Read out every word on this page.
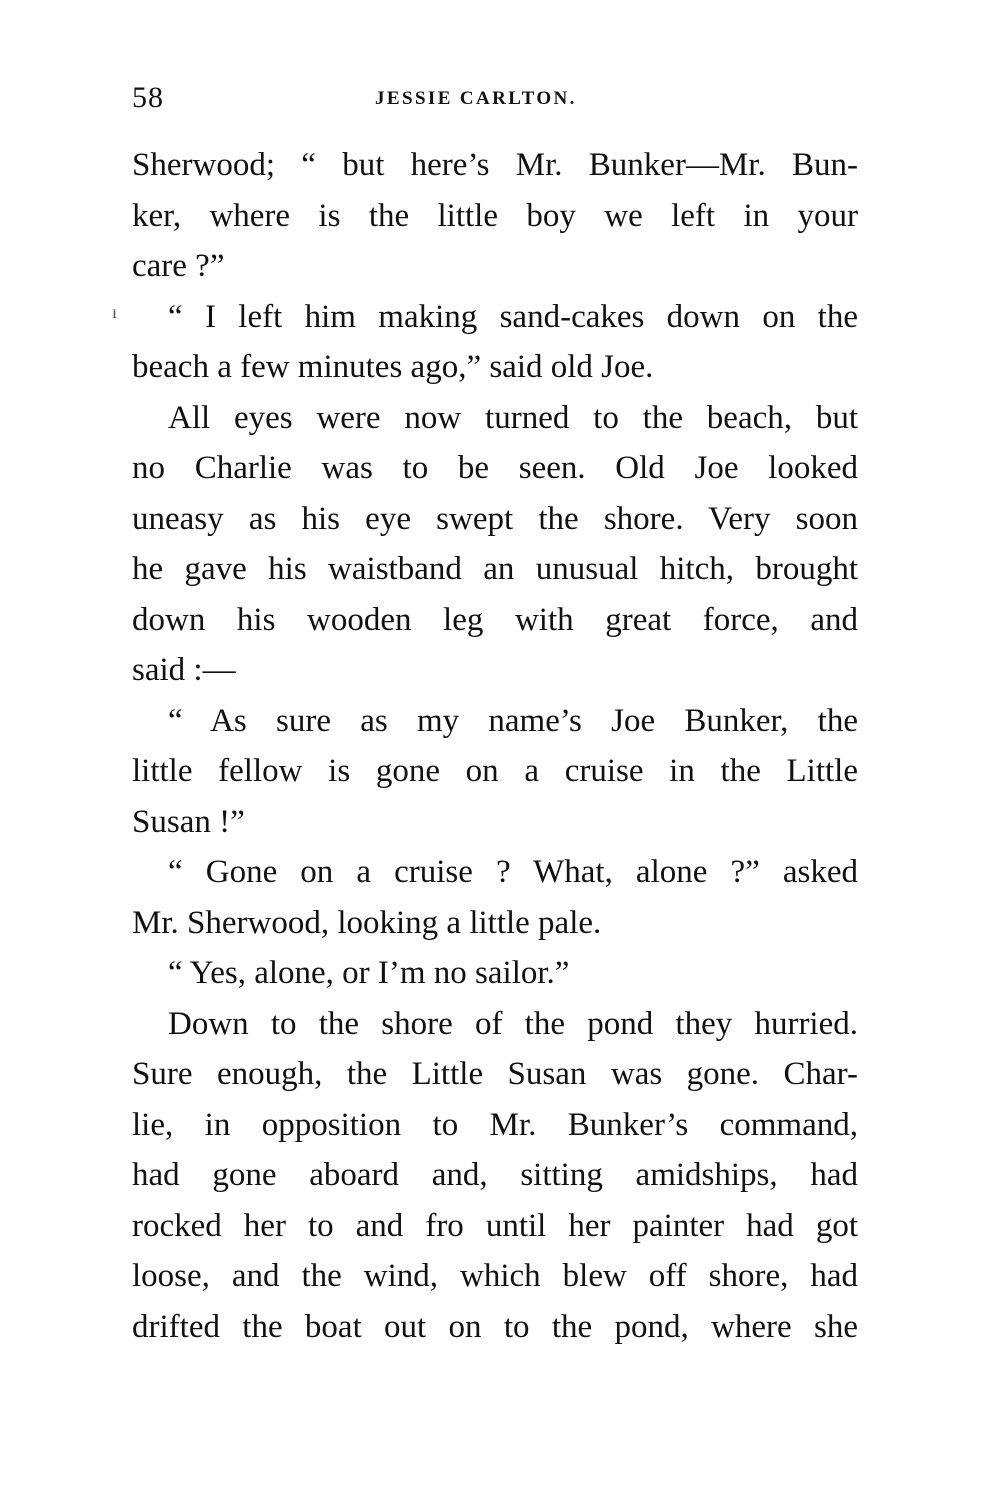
58	JESSIE CARLTON.
ı
Sherwood; “ but here’s Mr. Bunker—Mr. Bun-
ker, where is the little boy we left in your
care ?”
“ I left him making sand-cakes down on the
beach a few minutes ago,” said old Joe.
All eyes were now turned to the beach, but
no Charlie was to be seen. Old Joe looked
uneasy as his eye swept the shore. Very soon
he gave his waistband an unusual hitch, brought
down his wooden leg with great force, and
said :—
“ As sure as my name’s Joe Bunker, the
little fellow is gone on a cruise in the Little
Susan !”
“ Gone on a cruise ? What, alone ?” asked
Mr. Sherwood, looking a little pale.
“ Yes, alone, or I’m no sailor.”
Down to the shore of the pond they hurried.
Sure enough, the Little Susan was gone. Char-
lie, in opposition to Mr. Bunker’s command,
had gone aboard and, sitting amidships, had
rocked her to and fro until her painter had got
loose, and the wind, which blew off shore, had
drifted the boat out on to the pond, where she
